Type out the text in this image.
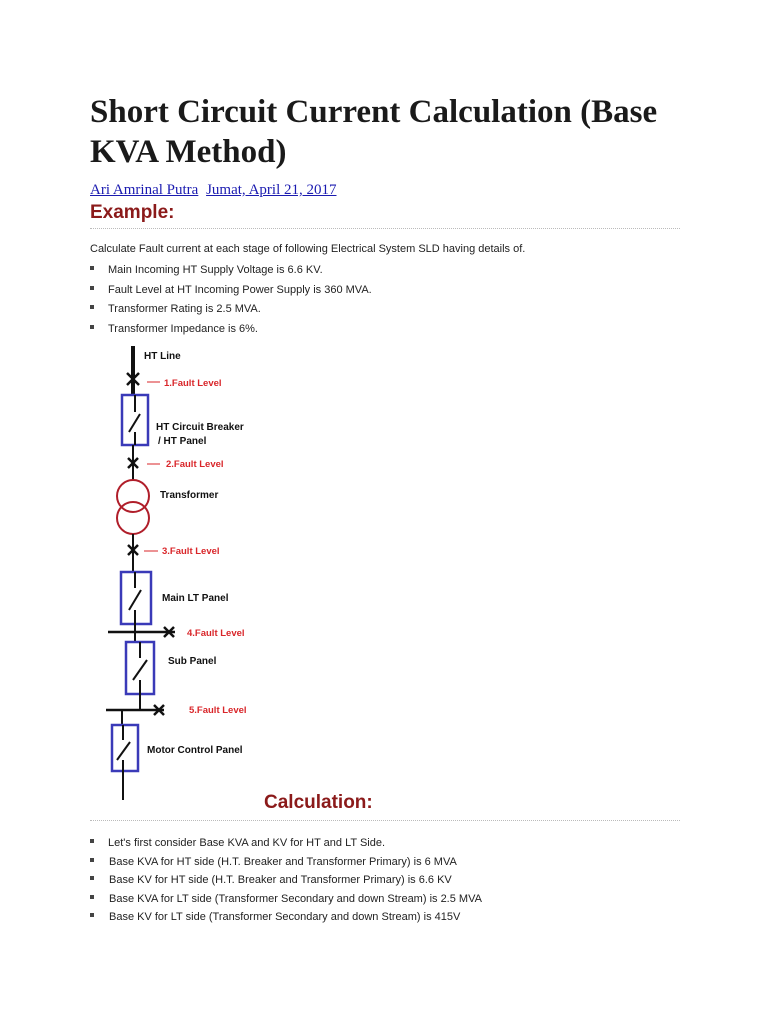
Short Circuit Current Calculation (Base KVA Method)
Ari Amrinal Putra Jumat, April 21, 2017
Example:
Calculate Fault current at each stage of following Electrical System SLD having details of.
Main Incoming HT Supply Voltage is 6.6 KV.
Fault Level at HT Incoming Power Supply is 360 MVA.
Transformer Rating is 2.5 MVA.
Transformer Impedance is 6%.
HT Line
1.Fault Level
HT Circuit Breaker
/ HT Panel
2.Fault Level
Transformer
3.Fault Level
Main LT Panel
4.Fault Level
Sub Panel
5.Fault Level
Motor Control Panel
Calculation:
Let's first consider Base KVA and KV for HT and LT Side.
Base KVA for HT side (H.T. Breaker and Transformer Primary) is 6 MVA
Base KV for HT side (H.T. Breaker and Transformer Primary) is 6.6 KV
Base KVA for LT side (Transformer Secondary and down Stream) is 2.5 MVA
Base KV for LT side (Transformer Secondary and down Stream) is 415V
